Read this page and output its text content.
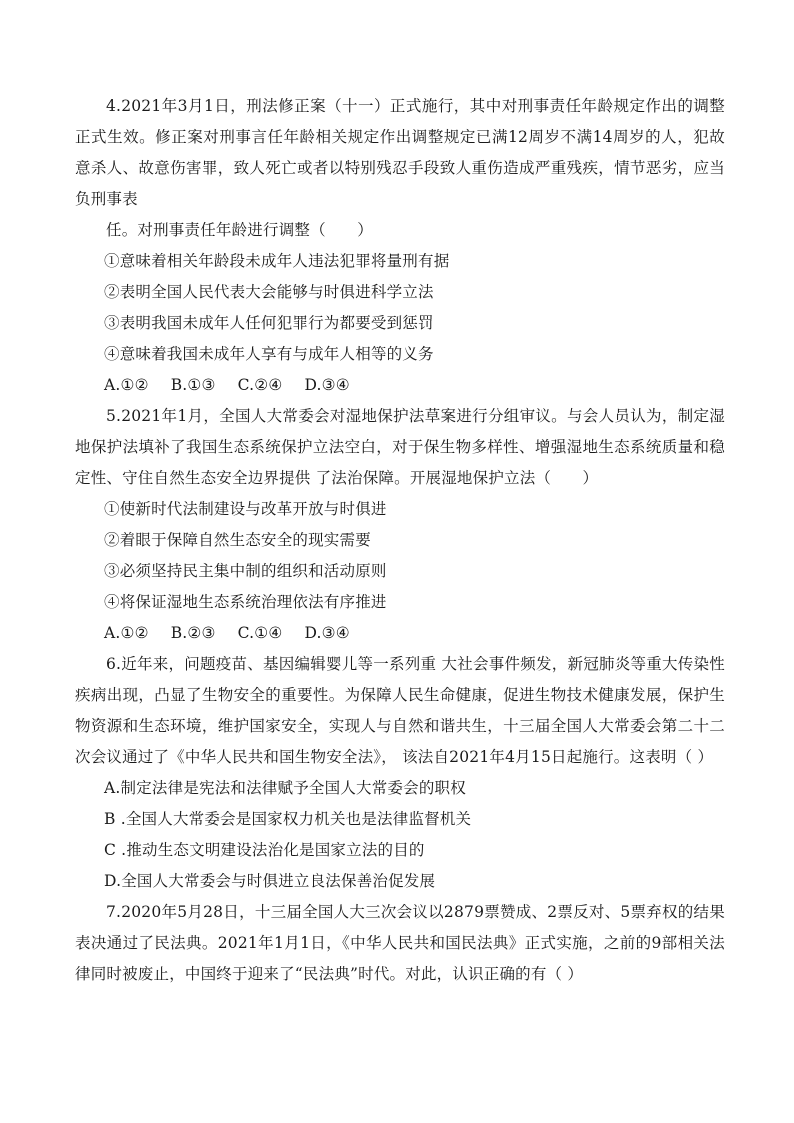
4.2021年3月1日，刑法修正案（十一）正式施行，其中对刑事责任年龄规定作出的调整正式生效。修正案对刑事言任年龄相关规定作出调整规定已满12周岁不满14周岁的人，犯故意杀人、故意伤害罪，致人死亡或者以特别残忍手段致人重伤造成严重残疾，情节恶劣，应当负刑事表

任。对刑事责任年龄进行调整（　　）

①意味着相关年龄段未成年人违法犯罪将量刑有据

②表明全国人民代表大会能够与时俱进科学立法

③表明我国未成年人任何犯罪行为都要受到惩罚

④意味着我国未成年人享有与成年人相等的义务

A.①② B.①③ C.②④ D.③④

5.2021年1月，全国人大常委会对湿地保护法草案进行分组审议。与会人员认为，制定湿地保护法填补了我国生态系统保护立法空白，对于保生物多样性、增强湿地生态系统质量和稳定性、守住自然生态安全边界提供 了法治保障。开展湿地保护立法（　　）

①使新时代法制建设与改革开放与时俱进

②着眼于保障自然生态安全的现实需要

③必须坚持民主集中制的组织和活动原则

④将保证湿地生态系统治理依法有序推进

A.①② B.②③ C.①④ D.③④

6.近年来，问题疫苗、基因编辑婴儿等一系列重 大社会事件频发，新冠肺炎等重大传染性疾病出现，凸显了生物安全的重要性。为保障人民生命健康，促进生物技术健康发展，保护生物资源和生态环境，维护国家安全，实现人与自然和谐共生，十三届全国人大常委会第二十二 次会议通过了《中华人民共和国生物安全法》， 该法自2021年4月15日起施行。这表明（ ）

A.制定法律是宪法和法律赋予全国人大常委会的职权

B .全国人大常委会是国家权力机关也是法律监督机关

C .推动生态文明建设法治化是国家立法的目的

D.全国人大常委会与时俱进立良法保善治促发展

7.2020年5月28日，十三届全国人大三次会议以2879票赞成、2票反对、5票弃权的结果表决通过了民法典。2021年1月1日，《中华人民共和国民法典》正式实施，之前的9部相关法律同时被废止，中国终于迎来了“民法典”时代。对此，认识正确的有（ ）
